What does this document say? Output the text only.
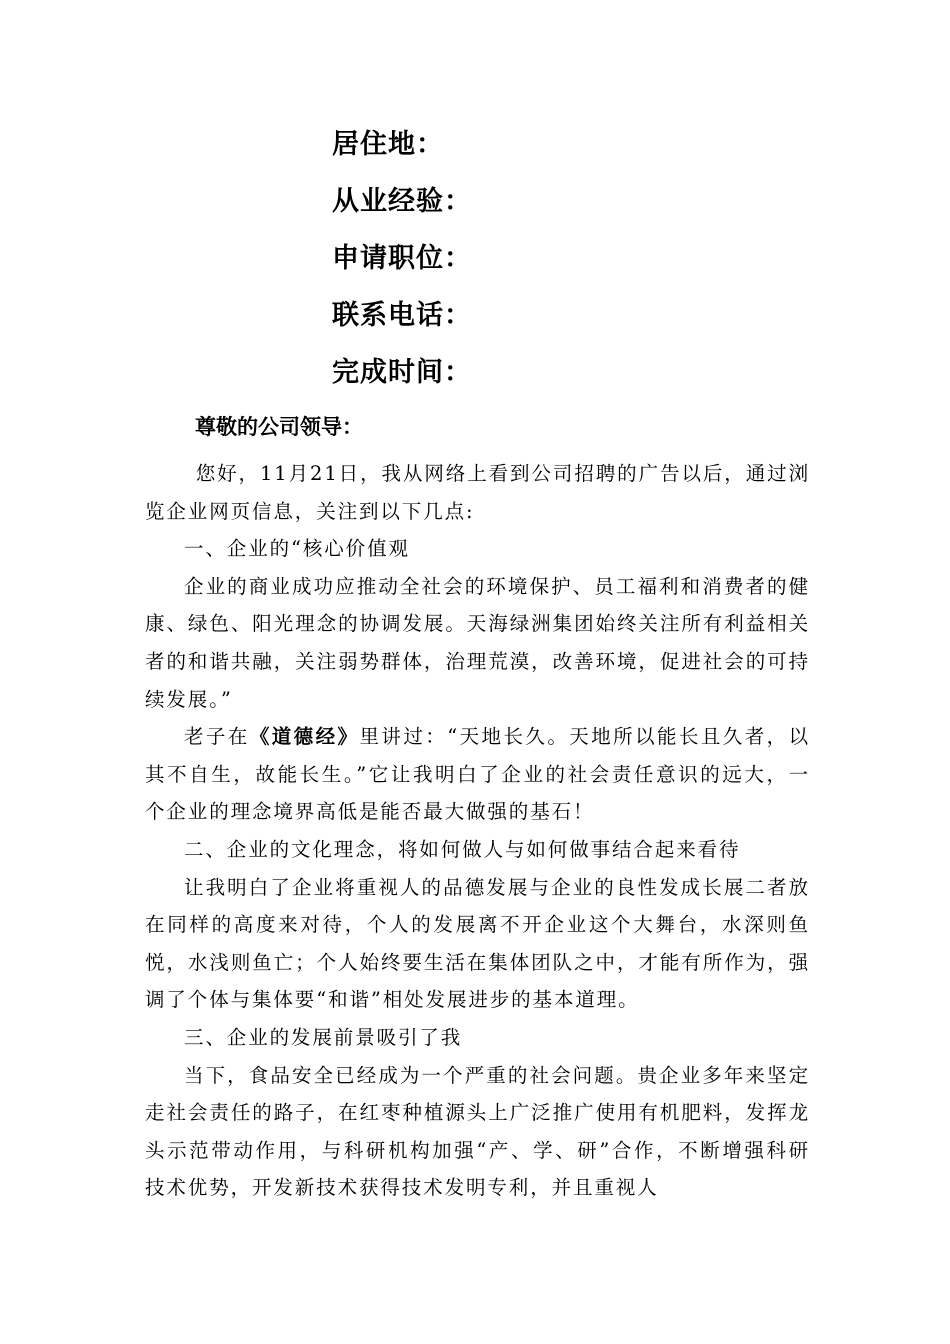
居住地：
从业经验：
申请职位：
联系电话：
完成时间：
尊敬的公司领导：

您好，11月21日，我从网络上看到公司招聘的广告以后，通过浏览企业网页信息，关注到以下几点:

一、企业的“核心价值观

企业的商业成功应推动全社会的环境保护、员工福利和消费者的健康、绿色、阳光理念的协调发展。天海绿洲集团始终关注所有利益相关者的和谐共融，关注弱势群体，治理荒漠，改善环境，促进社会的可持续发展。”

老子在《道德经》里讲过：“天地长久。天地所以能长且久者，以其不自生，故能长生。”它让我明白了企业的社会责任意识的远大，一个企业的理念境界高低是能否最大做强的基石！

二、企业的文化理念，将如何做人与如何做事结合起来看待

让我明白了企业将重视人的品德发展与企业的良性发成长展二者放在同样的高度来对待，个人的发展离不开企业这个大舞台，水深则鱼悦，水浅则鱼亡；个人始终要生活在集体团队之中，才能有所作为，强调了个体与集体要“和谐”相处发展进步的基本道理。

三、企业的发展前景吸引了我

当下，食品安全已经成为一个严重的社会问题。贵企业多年来坚定走社会责任的路子，在红枣种植源头上广泛推广使用有机肥料，发挥龙头示范带动作用，与科研机构加强“产、学、研”合作，不断增强科研技术优势，开发新技术获得技术发明专利，并且重视人
